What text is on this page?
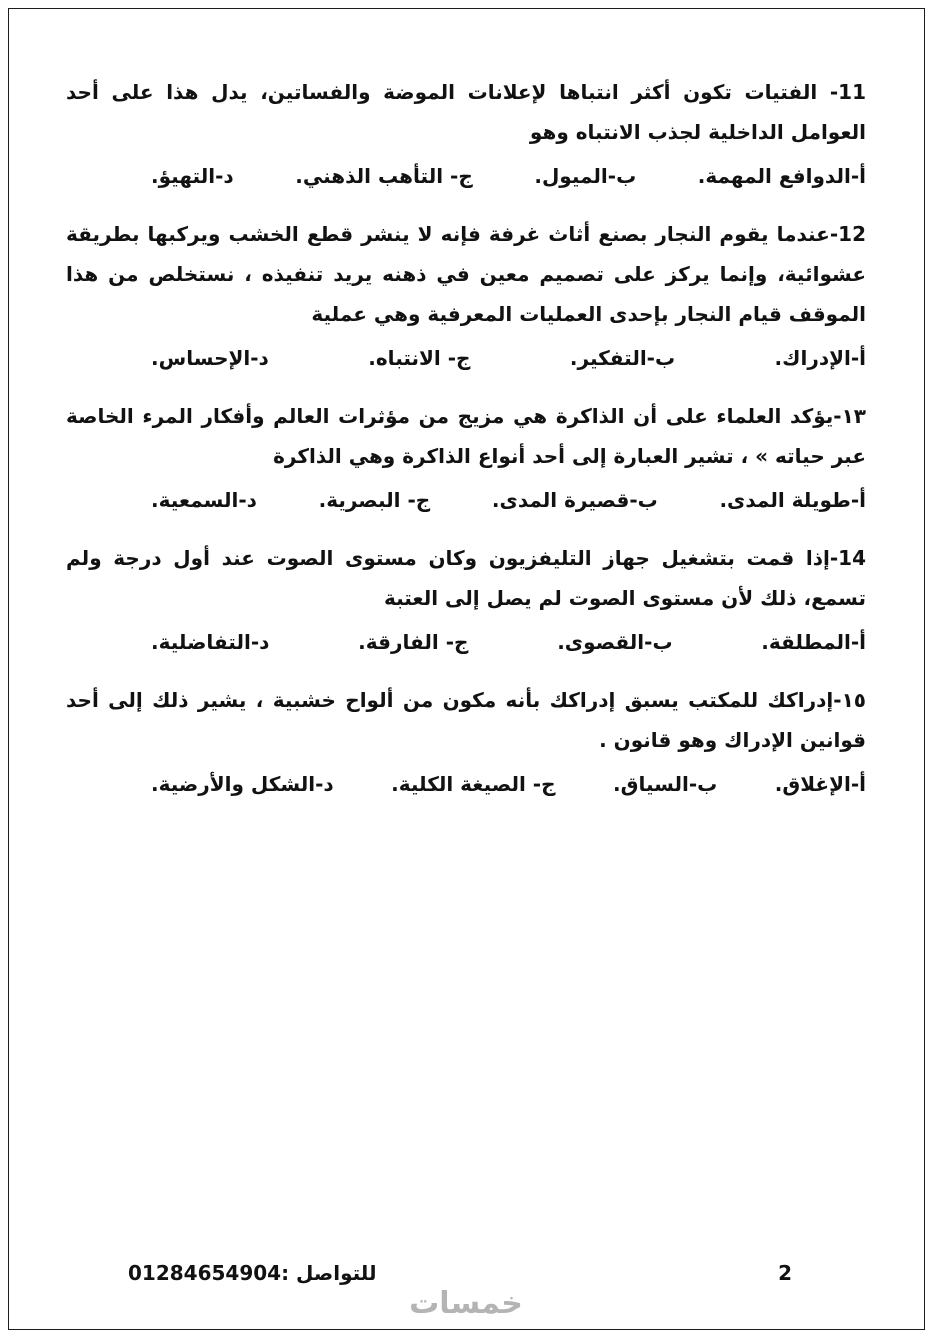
11- الفتيات تكون أكثر انتباها لإعلانات الموضة والفساتين، يدل هذا على أحد العوامل الداخلية لجذب الانتباه وهو

أ-الدوافع المهمة.
ب-الميول.
ج- التأهب الذهني.
د-التهيؤ.

12-عندما يقوم النجار بصنع أثاث غرفة فإنه لا ينشر قطع الخشب ويركبها بطريقة عشوائية، وإنما يركز على تصميم معين في ذهنه يريد تنفيذه ، نستخلص من هذا الموقف قيام النجار بإحدى العمليات المعرفية وهي عملية

أ-الإدراك.
ب-التفكير.
ج- الانتباه.
د-الإحساس.

١٣-يؤكد العلماء على أن الذاكرة هي مزيج من مؤثرات العالم وأفكار المرء الخاصة عبر حياته » ، تشير العبارة إلى أحد أنواع الذاكرة وهي الذاكرة

أ-طويلة المدى.
ب-قصيرة المدى.
ج- البصرية.
د-السمعية.

14-إذا قمت بتشغيل جهاز التليفزيون وكان مستوى الصوت عند أول درجة ولم تسمع، ذلك لأن مستوى الصوت لم يصل إلى العتبة

أ-المطلقة.
ب-القصوى.
ج- الفارقة.
د-التفاضلية.

١٥-إدراكك للمكتب يسبق إدراكك بأنه مكون من ألواح خشبية ، يشير ذلك إلى أحد قوانين الإدراك وهو قانون .

أ-الإغلاق.
ب-السياق.
ج- الصيغة الكلية.
د-الشكل والأرضية.
2
للتواصل :01284654904
خمسات
